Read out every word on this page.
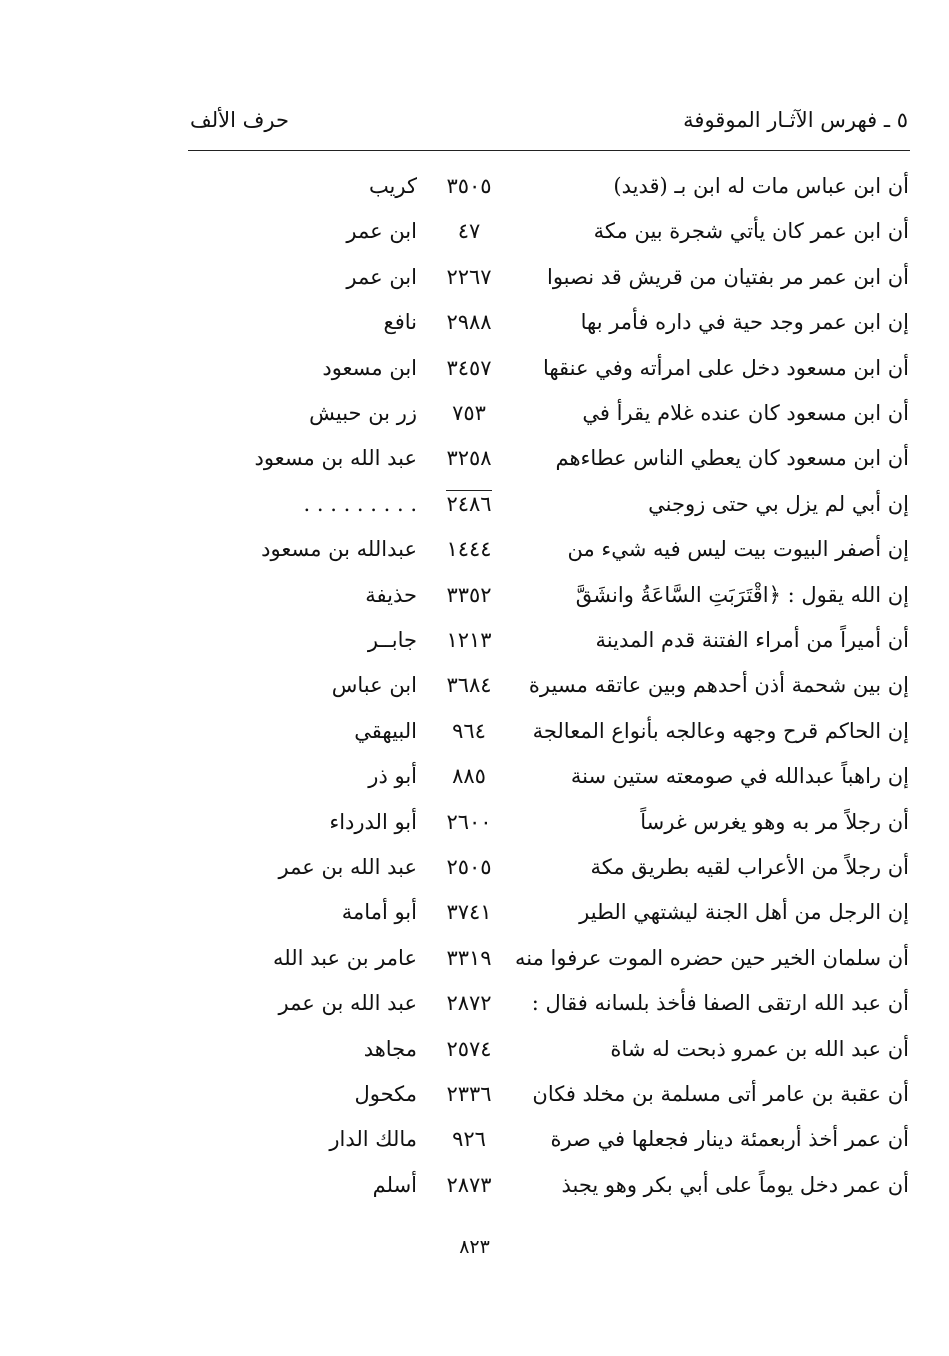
٥ ـ فهرس الآثـار الموقوفة
حرف الألف
أن ابن عباس مات له ابن بـ (قديد)
٣٥٠٥
كريب
أن ابن عمر كان يأتي شجرة بين مكة
٤٧
ابن عمر
أن ابن عمر مر بفتيان من قريش قد نصبوا
٢٢٦٧
ابن عمر
إن ابن عمر وجد حية في داره فأمر بها
٢٩٨٨
نافع
أن ابن مسعود دخل على امرأته وفي عنقها
٣٤٥٧
ابن مسعود
أن ابن مسعود كان عنده غلام يقرأ في
٧٥٣
زر بن حبيش
أن ابن مسعود كان يعطي الناس عطاءهم
٣٢٥٨
عبد الله بن مسعود
إن أبي لم يزل بي حتى زوجني
٢٤٨٦
. . . . . . . . .
إن أصفر البيوت بيت ليس فيه شيء من
١٤٤٤
عبدالله بن مسعود
إن الله يقول : ﴿اقْتَرَبَتِ السَّاعَةُ وانشَقَّ
٣٣٥٢
حذيفة
أن أميراً من أمراء الفتنة قدم المدينة
١٢١٣
جابــر
إن بين شحمة أذن أحدهم وبين عاتقه مسيرة
٣٦٨٤
ابن عباس
إن الحاكم قرح وجهه وعالجه بأنواع المعالجة
٩٦٤
البيهقي
إن راهباً عبدالله في صومعته ستين سنة
٨٨٥
أبو ذر
أن رجلاً مر به وهو يغرس غرساً
٢٦٠٠
أبو الدرداء
أن رجلاً من الأعراب لقيه بطريق مكة
٢٥٠٥
عبد الله بن عمر
إن الرجل من أهل الجنة ليشتهي الطير
٣٧٤١
أبو أمامة
أن سلمان الخير حين حضره الموت عرفوا منه
٣٣١٩
عامر بن عبد الله
أن عبد الله ارتقى الصفا فأخذ بلسانه فقال :
٢٨٧٢
عبد الله بن عمر
أن عبد الله بن عمرو ذبحت له شاة
٢٥٧٤
مجاهد
أن عقبة بن عامر أتى مسلمة بن مخلد فكان
٢٣٣٦
مكحول
أن عمر أخذ أربعمئة دينار فجعلها في صرة
٩٢٦
مالك الدار
أن عمر دخل يوماً على أبي بكر وهو يجبذ
٢٨٧٣
أسلم
٨٢٣
